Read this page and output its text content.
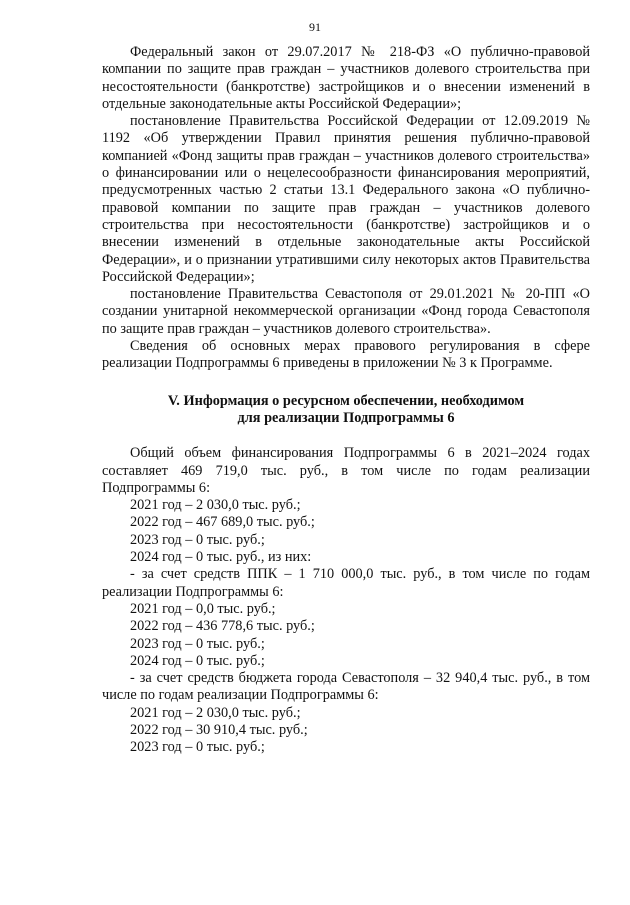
91

Федеральный закон от 29.07.2017 № 218-ФЗ «О публично-правовой компании по защите прав граждан – участников долевого строительства при несостоятельности (банкротстве) застройщиков и о внесении изменений в отдельные законодательные акты Российской Федерации»;

постановление Правительства Российской Федерации от 12.09.2019 № 1192 «Об утверждении Правил принятия решения публично-правовой компанией «Фонд защиты прав граждан – участников долевого строительства» о финансировании или о нецелесообразности финансирования мероприятий, предусмотренных частью 2 статьи 13.1 Федерального закона «О публично-правовой компании по защите прав граждан – участников долевого строительства при несостоятельности (банкротстве) застройщиков и о внесении изменений в отдельные законодательные акты Российской Федерации», и о признании утратившими силу некоторых актов Правительства Российской Федерации»;

постановление Правительства Севастополя от 29.01.2021 № 20-ПП «О создании унитарной некоммерческой организации «Фонд города Севастополя по защите прав граждан – участников долевого строительства».

Сведения об основных мерах правового регулирования в сфере реализации Подпрограммы 6 приведены в приложении № 3 к Программе.

V. Информация о ресурсном обеспечении, необходимом
для реализации Подпрограммы 6

Общий объем финансирования Подпрограммы 6 в 2021–2024 годах составляет 469 719,0 тыс. руб., в том числе по годам реализации Подпрограммы 6:

2021 год – 2 030,0 тыс. руб.;

2022 год – 467 689,0 тыс. руб.;

2023 год – 0 тыс. руб.;

2024 год – 0 тыс. руб., из них:

- за счет средств ППК – 1 710 000,0 тыс. руб., в том числе по годам реализации Подпрограммы 6:

2021 год – 0,0 тыс. руб.;

2022 год – 436 778,6 тыс. руб.;

2023 год – 0 тыс. руб.;

2024 год – 0 тыс. руб.;

- за счет средств бюджета города Севастополя – 32 940,4 тыс. руб., в том числе по годам реализации Подпрограммы 6:

2021 год – 2 030,0 тыс. руб.;

2022 год – 30 910,4 тыс. руб.;

2023 год – 0 тыс. руб.;
